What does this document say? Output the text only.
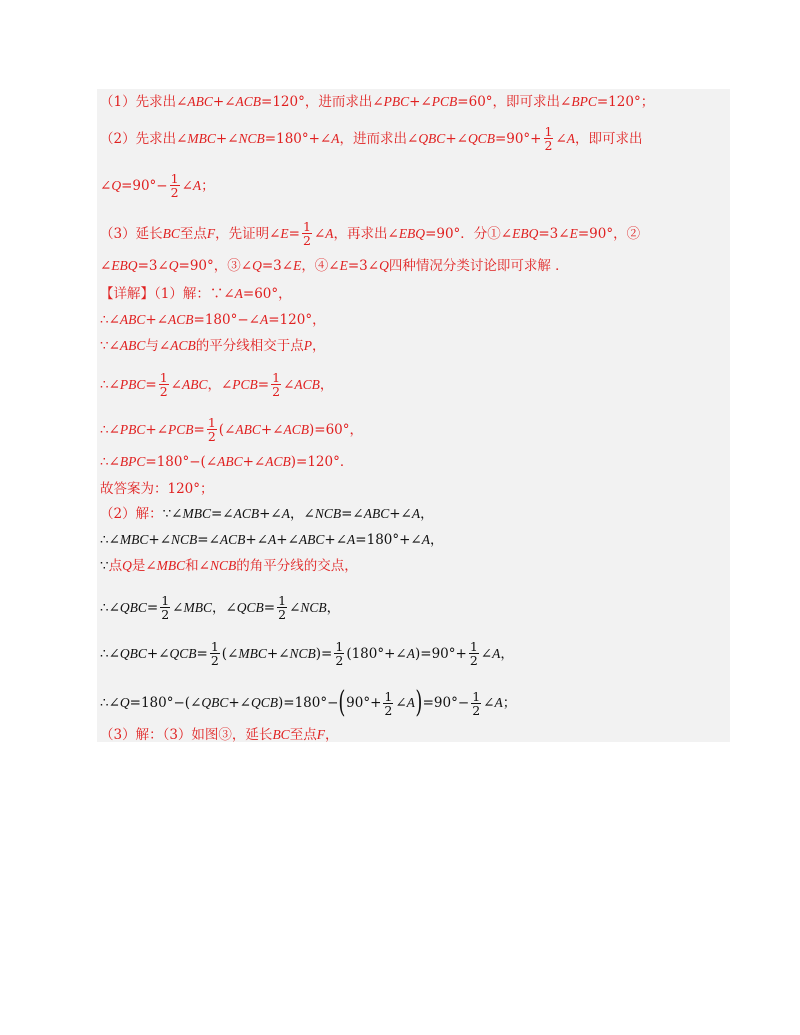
（1）先求出∠ ABC +∠ ACB =120°，进而求出∠ PBC +∠ PCB =60°，即可求出∠ BPC =120°；
（2）先求出∠ MBC +∠ NCB =180°+∠ A ，进而求出∠ QBC +∠ QCB $=90^\circ+ \frac{1}{2}$ ∠ A ，即可求出
∠ $Q =90^\circ- \frac{1}{2}$ ∠ A ；
（3）延长 BC 至点 F ，先证明∠ $E = \frac{1}{2}$ ∠ A ，再求出∠ EBQ =90°．分①∠ EBQ =3∠ E =90°，②
∠ EBQ =3∠ Q =90°，③∠ Q =3∠ E ，④∠ E =3∠ Q 四种情况分类讨论即可求解 ．
【详解】（1）解：∵∠ A =60°，
∴∠ ABC +∠ ACB =180°−∠ A =120°，
∵∠ ABC 与∠ ACB 的平分线相交于点 P ，
∴∠ PBC = $\frac{1}{2}$ ∠ ABC ，∠ PCB = $\frac{1}{2}$ ∠ ACB ，
∴∠ PBC +∠ PCB = $\frac{1}{2}$ (∠ ABC +∠ ACB )=60°，
∴∠ BPC =180°−(∠ ABC +∠ ACB )=120°．
故答案为：120°；
（2）解： ∵∠MBC=∠ACB+∠A，∠NCB=∠ABC+∠A，
∴∠ MBC +∠ NCB =∠ ACB +∠ A +∠ ABC +∠ A =180°+∠ A ，
∵ 点Q是∠MBC和∠NCB的角平分线的交点，
∴∠ QBC = $\frac{1}{2}$ ∠ MBC ，∠ QCB = $\frac{1}{2}$ ∠ NCB ，
∴∠ QBC +∠ QCB = $\frac{1}{2}$ (∠ MBC +∠ NCB )= $\frac{1}{2}$ (180°+∠ A )$=90^\circ+ \frac{1}{2}$ ∠ A ，
∴∠ Q =180°−(∠ QBC +∠ QCB )=180°− ( $90^\circ+ \frac{1}{2}$ ∠ A ) $=90^\circ- \frac{1}{2}$ ∠ A ；
（3）解：（3）如图③，延长 BC 至点 F ，
